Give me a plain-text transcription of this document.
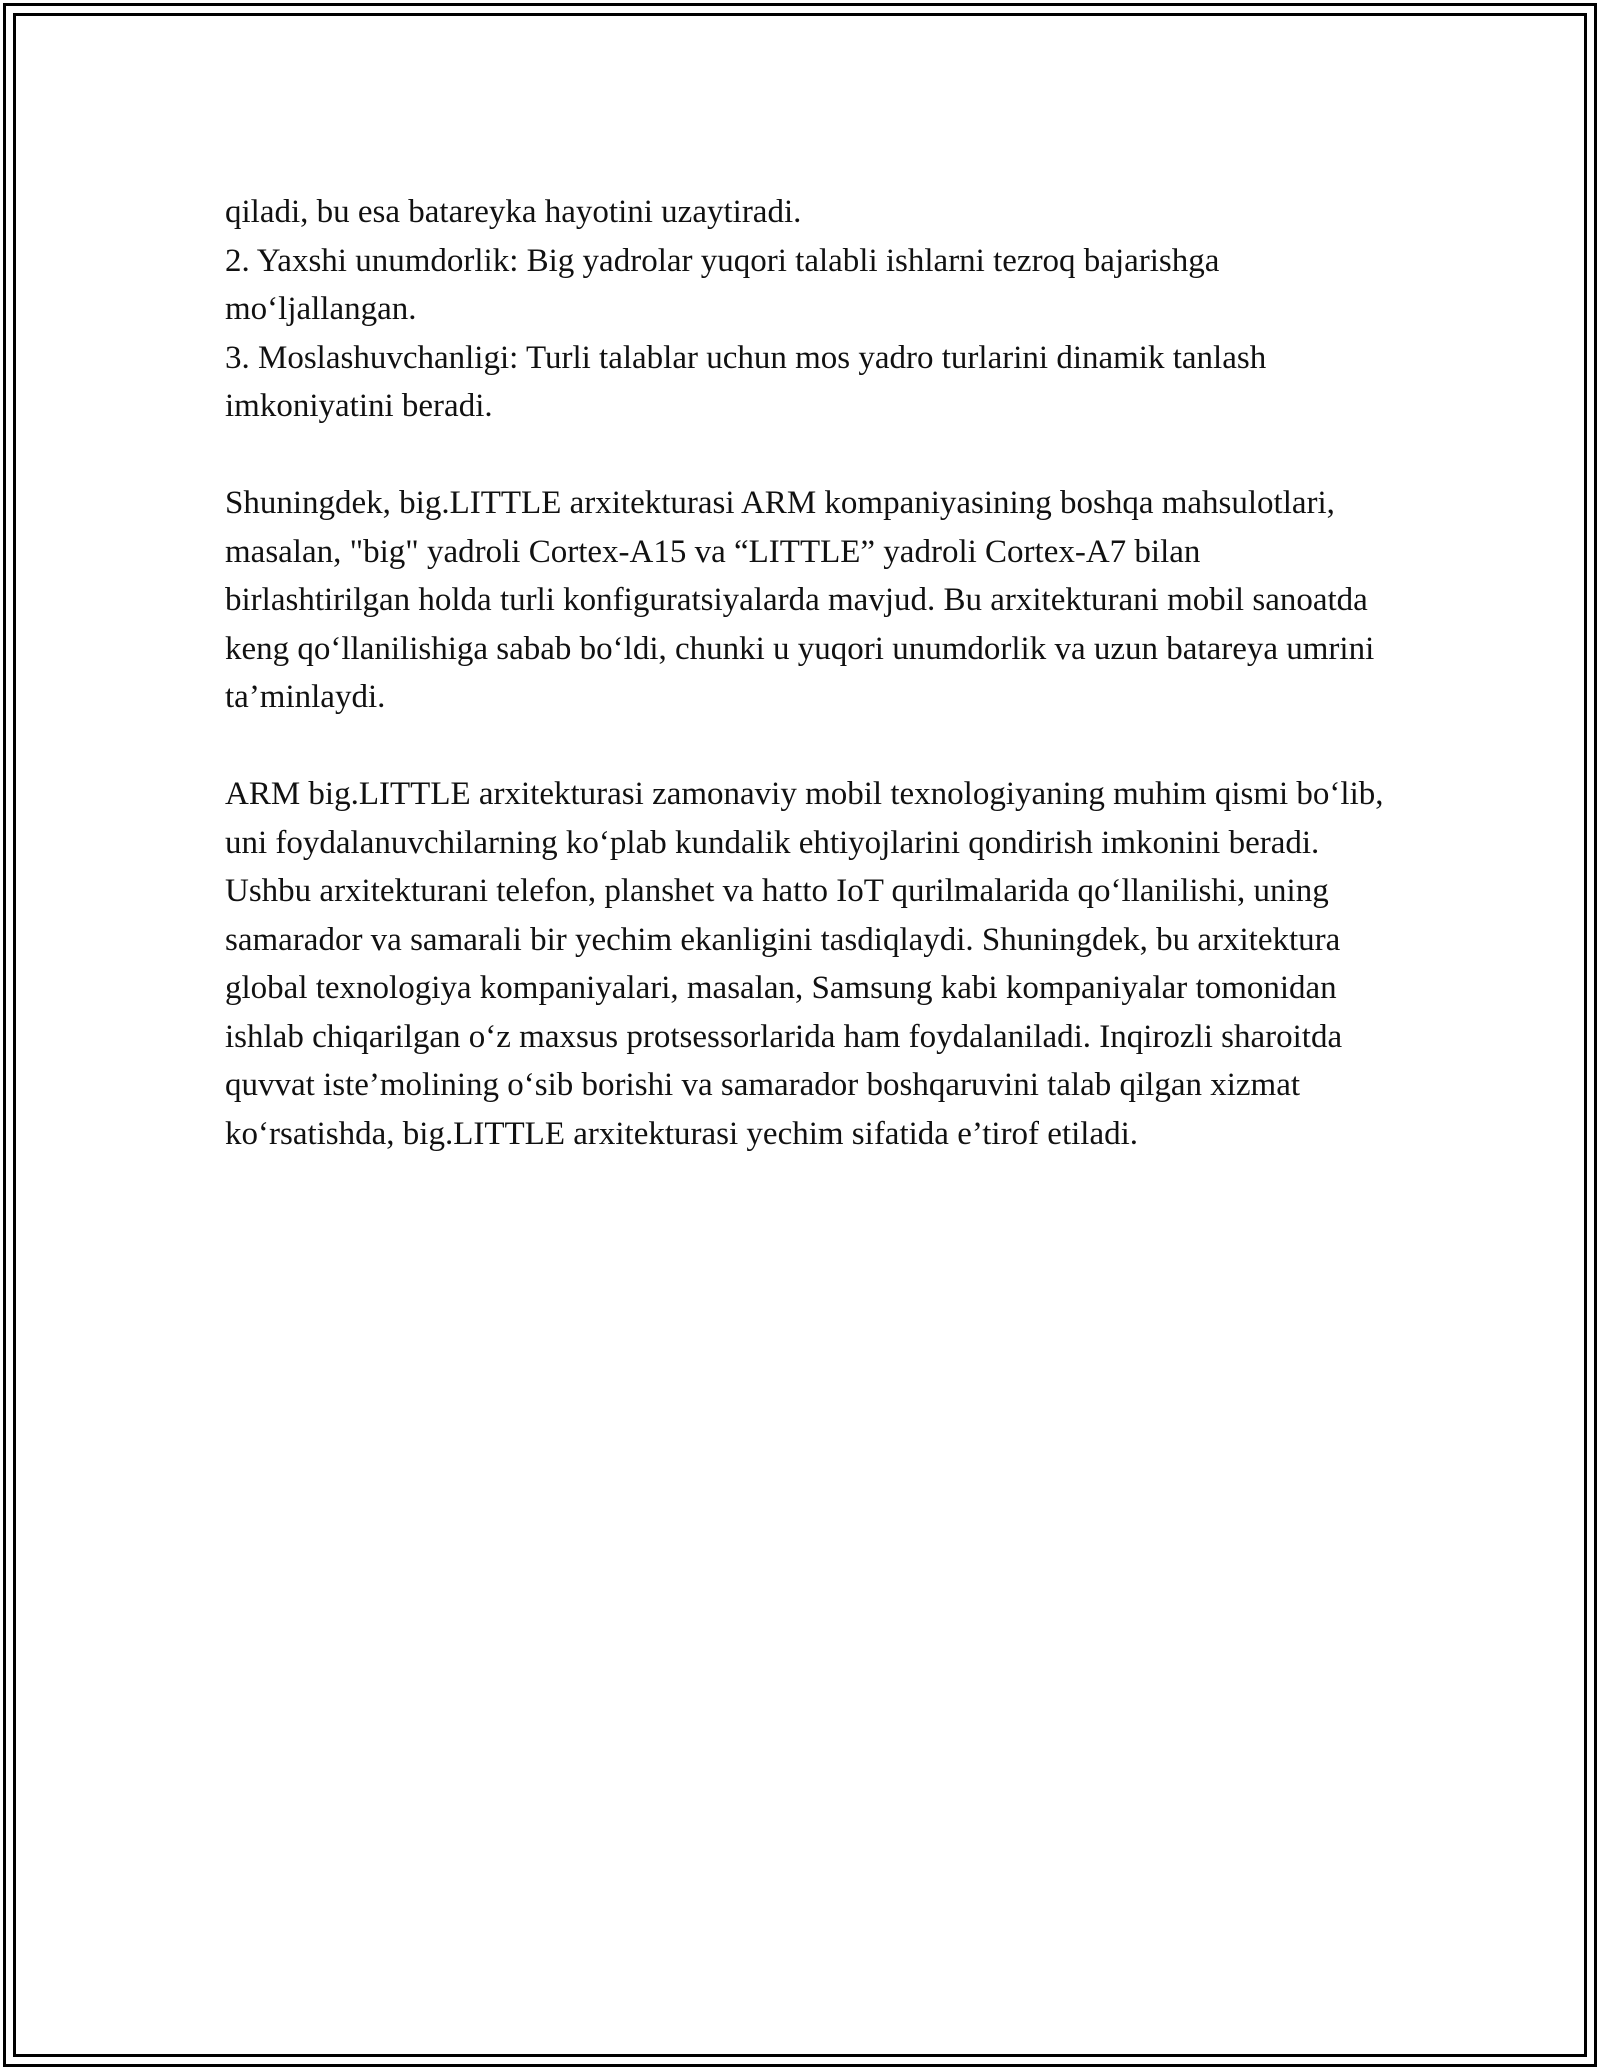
qiladi, bu esa batareyka hayotini uzaytiradi.

2. Yaxshi unumdorlik: Big yadrolar yuqori talabli ishlarni tezroq bajarishga mo‘ljallangan.

3. Moslashuvchanligi: Turli talablar uchun mos yadro turlarini dinamik tanlash imkoniyatini beradi.

Shuningdek, big.LITTLE arxitekturasi ARM kompaniyasining boshqa mahsulotlari, masalan, "big" yadroli Cortex-A15 va “LITTLE” yadroli Cortex-A7 bilan birlashtirilgan holda turli konfiguratsiyalarda mavjud. Bu arxitekturani mobil sanoatda keng qo‘llanilishiga sabab bo‘ldi, chunki u yuqori unumdorlik va uzun batareya umrini ta’minlaydi.

ARM big.LITTLE arxitekturasi zamonaviy mobil texnologiyaning muhim qismi bo‘lib, uni foydalanuvchilarning ko‘plab kundalik ehtiyojlarini qondirish imkonini beradi. Ushbu arxitekturani telefon, planshet va hatto IoT qurilmalarida qo‘llanilishi, uning samarador va samarali bir yechim ekanligini tasdiqlaydi. Shuningdek, bu arxitektura global texnologiya kompaniyalari, masalan, Samsung kabi kompaniyalar tomonidan ishlab chiqarilgan o‘z maxsus protsessorlarida ham foydalaniladi. Inqirozli sharoitda quvvat iste’molining o‘sib borishi va samarador boshqaruvini talab qilgan xizmat ko‘rsatishda, big.LITTLE arxitekturasi yechim sifatida e’tirof etiladi.
